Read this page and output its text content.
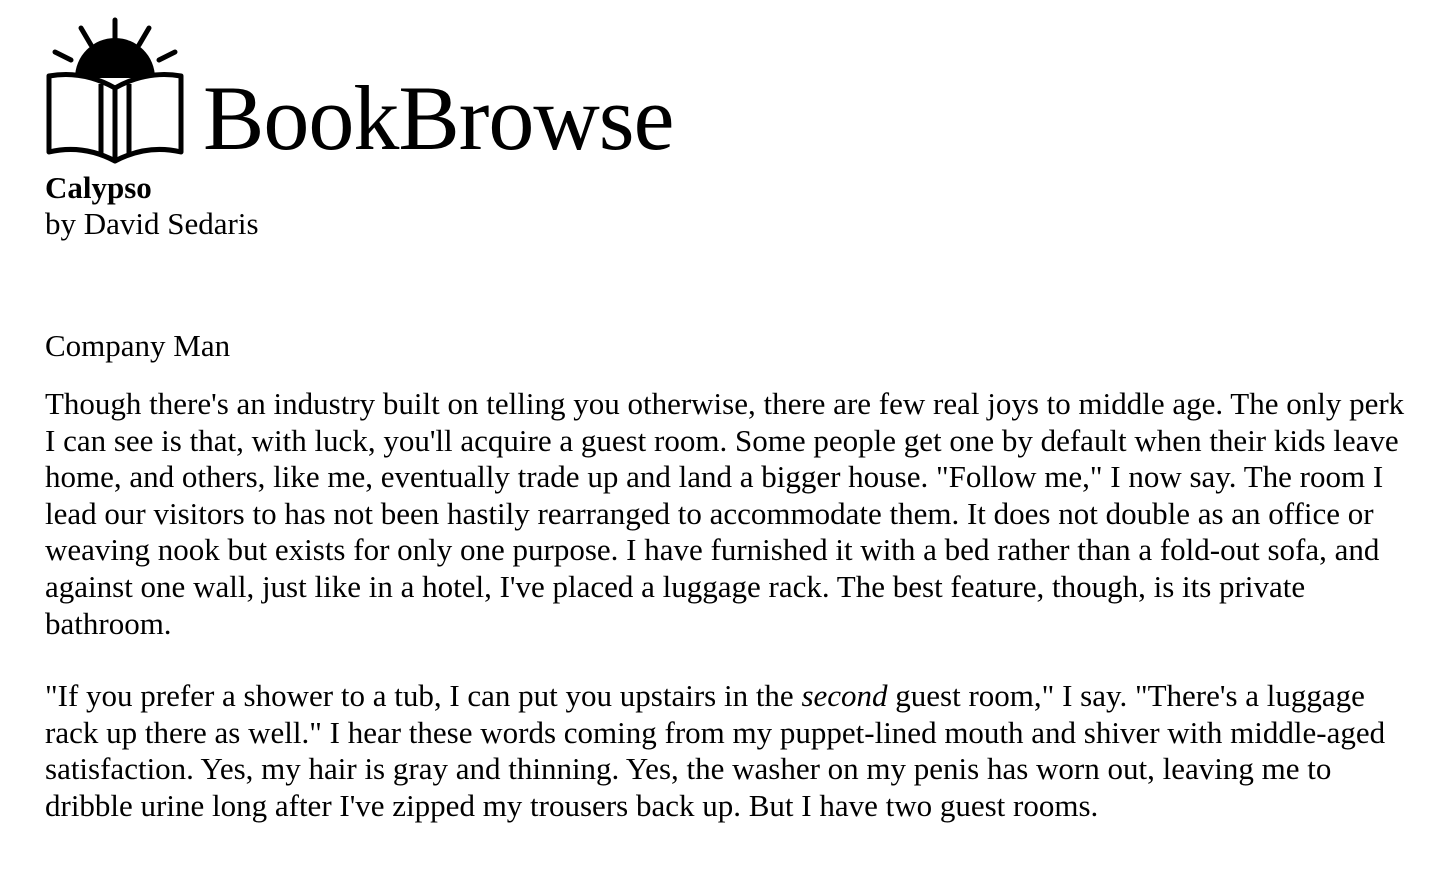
BookBrowse
Calypso
by David Sedaris
Company Man

Though there's an industry built on telling you otherwise, there are few real joys to middle age. The only perk I can see is that, with luck, you'll acquire a guest room. Some people get one by default when their kids leave home, and others, like me, eventually trade up and land a bigger house. "Follow me," I now say. The room I lead our visitors to has not been hastily rearranged to accommodate them. It does not double as an office or weaving nook but exists for only one purpose. I have furnished it with a bed rather than a fold-out sofa, and against one wall, just like in a hotel, I've placed a luggage rack. The best feature, though, is its private bathroom.

"If you prefer a shower to a tub, I can put you upstairs in the second guest room," I say. "There's a luggage rack up there as well." I hear these words coming from my puppet-lined mouth and shiver with middle-aged satisfaction. Yes, my hair is gray and thinning. Yes, the washer on my penis has worn out, leaving me to dribble urine long after I've zipped my trousers back up. But I have two guest rooms.
